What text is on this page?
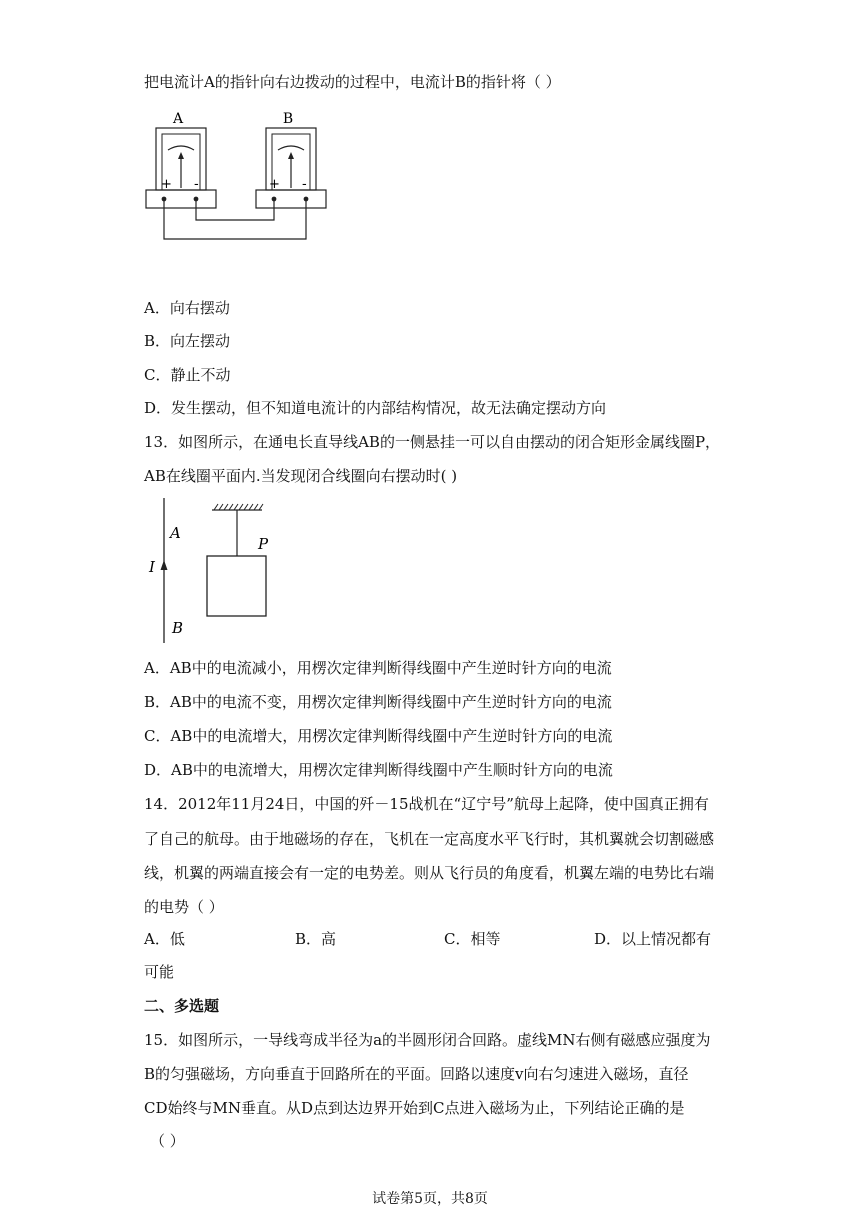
把电流计A的指针向右边拨动的过程中，电流计B的指针将（ ）
A	B
+ -	+ -
A．向右摆动
B．向左摆动
C．静止不动
D．发生摆动，但不知道电流计的内部结构情况，故无法确定摆动方向
13．如图所示，在通电长直导线AB的一侧悬挂一可以自由摆动的闭合矩形金属线圈P，
AB在线圈平面内.当发现闭合线圈向右摆动时( )
A
I
B
P
A．AB中的电流减小，用楞次定律判断得线圈中产生逆时针方向的电流
B．AB中的电流不变，用楞次定律判断得线圈中产生逆时针方向的电流
C．AB中的电流增大，用楞次定律判断得线圈中产生逆时针方向的电流
D．AB中的电流增大，用楞次定律判断得线圈中产生顺时针方向的电流
14．2012年11月24日，中国的歼－15战机在“辽宁号”航母上起降，使中国真正拥有
了自己的航母。由于地磁场的存在，飞机在一定高度水平飞行时，其机翼就会切割磁感
线，机翼的两端直接会有一定的电势差。则从飞行员的角度看，机翼左端的电势比右端
的电势（ ）
A．低	B．高	C．相等	D．以上情况都有
可能
二、多选题
15．如图所示，一导线弯成半径为a的半圆形闭合回路。虚线MN右侧有磁感应强度为
B的匀强磁场，方向垂直于回路所在的平面。回路以速度v向右匀速进入磁场，直径
CD始终与MN垂直。从D点到达边界开始到C点进入磁场为止，下列结论正确的是
（ ）
试卷第5页，共8页
